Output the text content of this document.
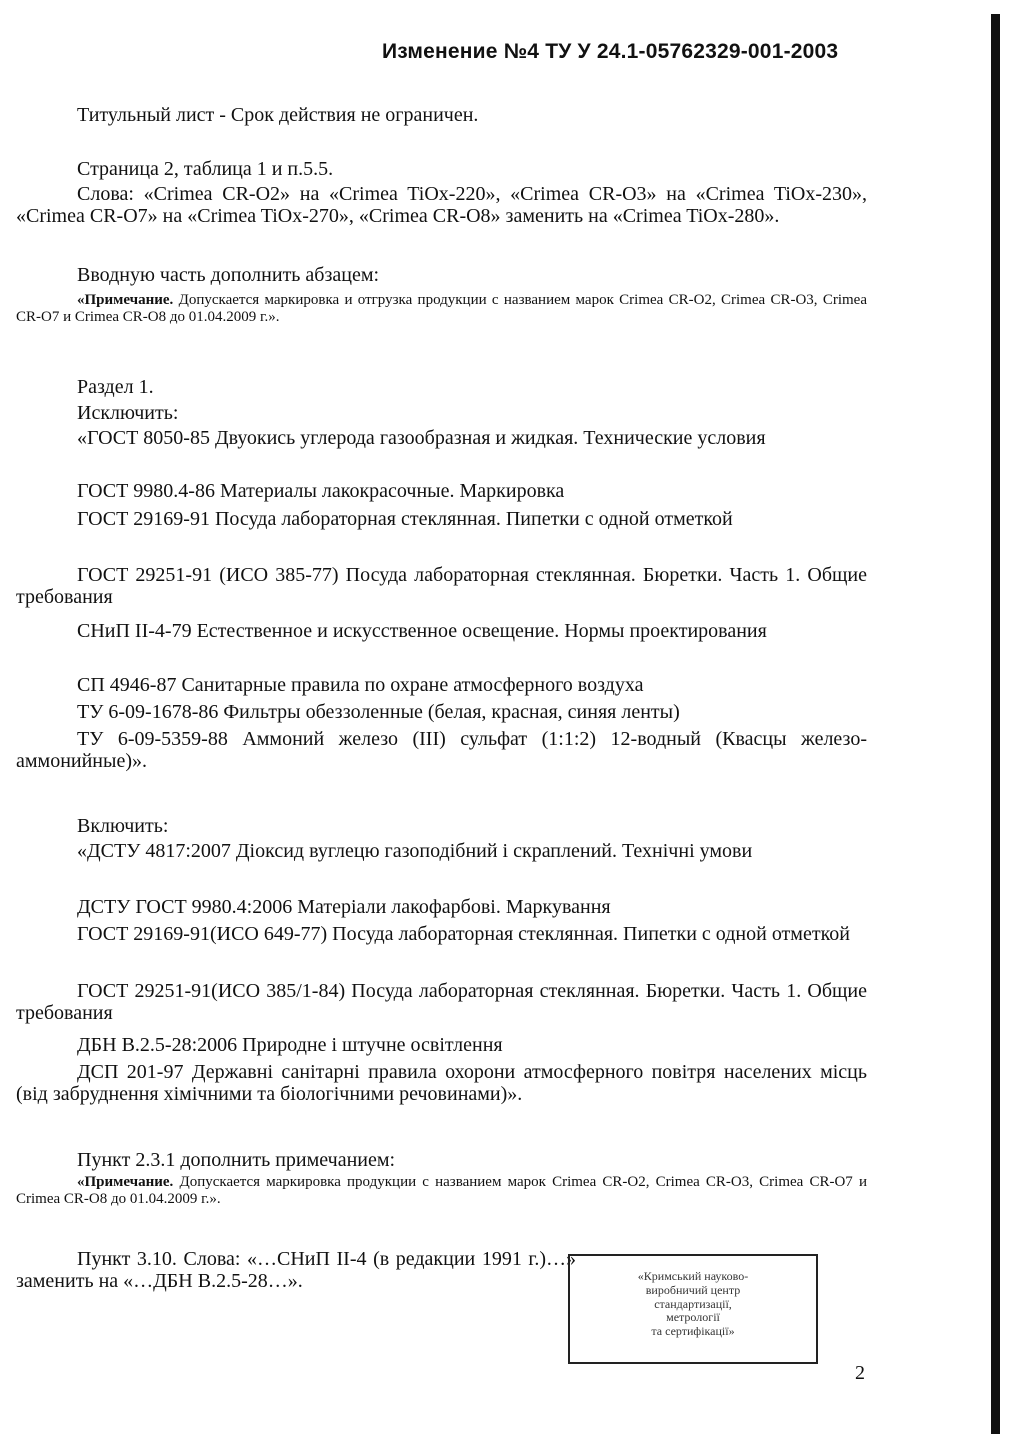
Изменение №4 ТУ У 24.1-05762329-001-2003

Титульный лист - Срок действия не ограничен.

Страница 2, таблица 1 и п.5.5.

Слова: «Crimea CR-O2» на «Crimea TiOx-220», «Crimea CR-O3» на «Crimea TiOx-230», «Crimea CR-O7» на «Crimea TiOx-270», «Crimea CR-O8» заменить на «Crimea TiOx-280».

Вводную часть дополнить абзацем:

«Примечание. Допускается маркировка и отгрузка продукции с названием марок Crimea CR-O2, Crimea CR-O3, Crimea CR-O7 и Crimea CR-O8 до 01.04.2009 г.».

Раздел 1.

Исключить:

«ГОСТ 8050-85 Двуокись углерода газообразная и жидкая. Технические условия

ГОСТ 9980.4-86 Материалы лакокрасочные. Маркировка

ГОСТ 29169-91 Посуда лабораторная стеклянная. Пипетки с одной отметкой

ГОСТ 29251-91 (ИСО 385-77) Посуда лабораторная стеклянная. Бюретки. Часть 1. Общие требования

СНиП II-4-79 Естественное и искусственное освещение. Нормы проектирования

СП 4946-87 Санитарные правила по охране атмосферного воздуха

ТУ 6-09-1678-86 Фильтры обеззоленные (белая, красная, синяя ленты)

ТУ 6-09-5359-88 Аммоний железо (III) сульфат (1:1:2) 12-водный (Квасцы железо-аммонийные)».

Включить:

«ДСТУ 4817:2007 Діоксид вуглецю газоподібний і скраплений. Технічні умови

ДСТУ ГОСТ 9980.4:2006 Матеріали лакофарбові. Маркування

ГОСТ 29169-91(ИСО 649-77) Посуда лабораторная стеклянная. Пипетки с одной отметкой

ГОСТ 29251-91(ИСО 385/1-84) Посуда лабораторная стеклянная. Бюретки. Часть 1. Общие требования

ДБН В.2.5-28:2006 Природне і штучне освітлення

ДСП 201-97 Державні санітарні правила охорони атмосферного повітря населених місць (від забруднення хімічними та біологічними речовинами)».

Пункт 2.3.1 дополнить примечанием:

«Примечание. Допускается маркировка продукции с названием марок Crimea CR-O2, Crimea CR-O3, Crimea CR-O7 и Crimea CR-O8 до 01.04.2009 г.».

Пункт 3.10. Слова: «…СНиП II-4 (в редакции 1991 г.)…» заменить на «…ДБН В.2.5-28…».	«Кримський науково-
виробничий центр
стандартизації,
метрології
та сертифікації»

2
